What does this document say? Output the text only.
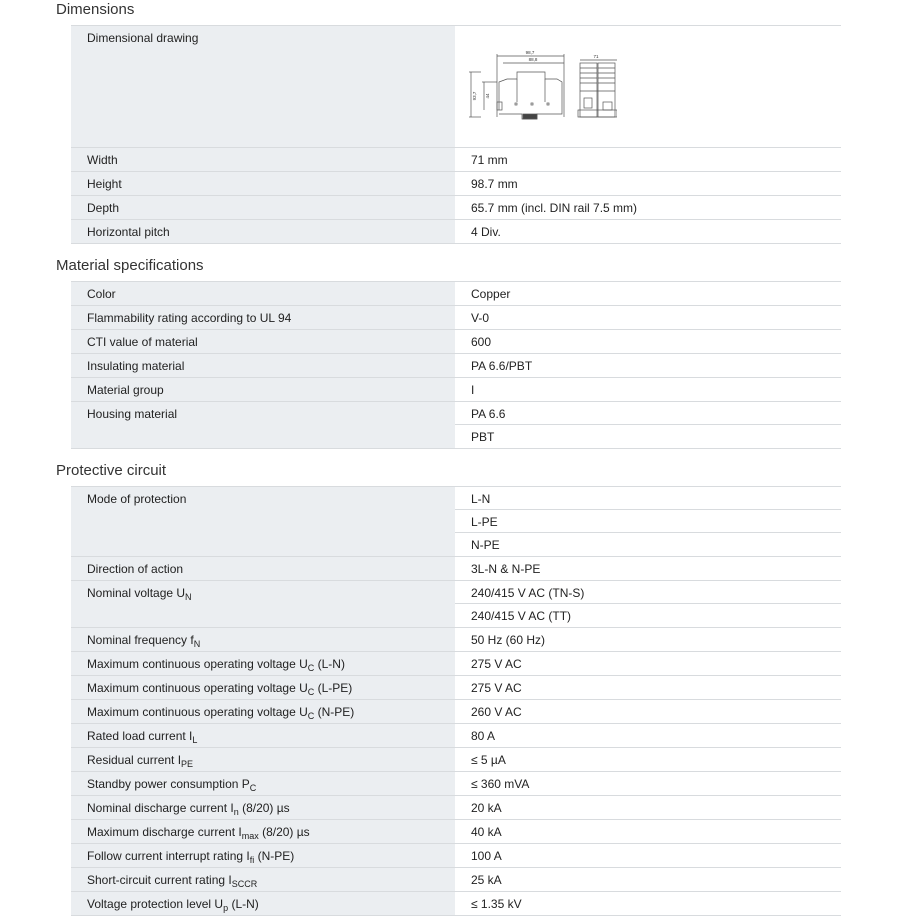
Dimensions
Dimensional drawing	98,7
88,8
71
93,7 44

Width	71 mm

Height	98.7 mm

Depth	65.7 mm (incl. DIN rail 7.5 mm)

Horizontal pitch	4 Div.
Material specifications
Color	Copper

Flammability rating according to UL 94	V-0

CTI value of material	600

Insulating material	PA 6.6/PBT

Material group	I

Housing material	PA 6.6
PBT
Protective circuit
Mode of protection	L-N
L-PE
N-PE

Direction of action	3L-N & N-PE

Nominal voltage $U_N$	240/415 V AC (TN-S)
240/415 V AC (TT)

Nominal frequency $f_N$	50 Hz (60 Hz)

Maximum continuous operating voltage $U_C$ (L-N)	275 V AC

Maximum continuous operating voltage $U_C$ (L-PE)	275 V AC

Maximum continuous operating voltage $U_C$ (N-PE)	260 V AC

Rated load current $I_L$	80 A

Residual current $I_{PE}$	≤ 5 µA

Standby power consumption $P_C$	≤ 360 mVA

Nominal discharge current $I_n$ (8/20) µs	20 kA

Maximum discharge current $I_{max}$ (8/20) µs	40 kA

Follow current interrupt rating $I_{fi}$ (N-PE)	100 A

Short-circuit current rating $I_{SCCR}$	25 kA

Voltage protection level $U_p$ (L-N)	≤ 1.35 kV
